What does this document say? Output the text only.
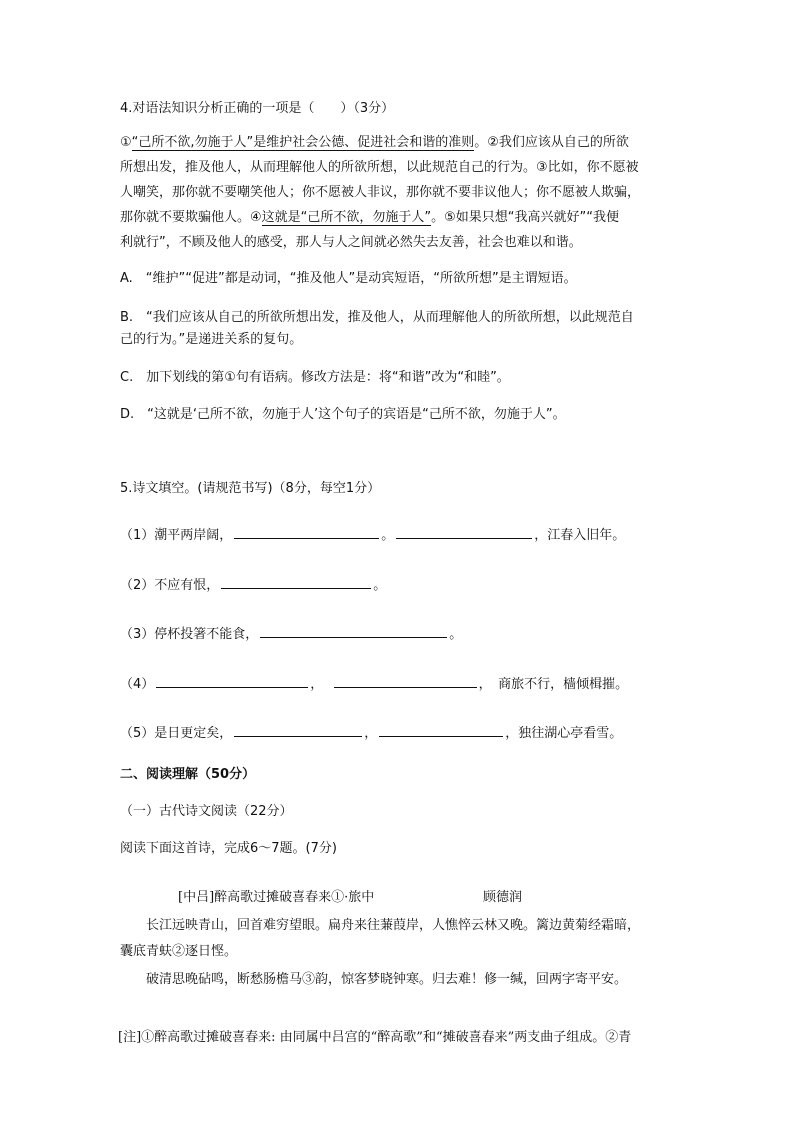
4.对语法知识分析正确的一项是（　　）（3分）
①“己所不欲,勿施于人”是维护社会公德、促进社会和谐的准则。②我们应该从自己的所欲
所想出发，推及他人，从而理解他人的所欲所想，以此规范自己的行为。③比如，你不愿被
人嘲笑，那你就不要嘲笑他人；你不愿被人非议，那你就不要非议他人；你不愿被人欺骗，
那你就不要欺骗他人。④这就是“己所不欲，勿施于人”。⑤如果只想“我高兴就好”“我便
利就行”，不顾及他人的感受，那人与人之间就必然失去友善，社会也难以和谐。
A.　“维护”“促进”都是动词，“推及他人”是动宾短语，“所欲所想”是主谓短语。
B.　“我们应该从自己的所欲所想出发，推及他人，从而理解他人的所欲所想，以此规范自
己的行为。”是递进关系的复句。
C.　加下划线的第①句有语病。修改方法是：将“和谐”改为“和睦”。
D.　“这就是‘己所不欲，勿施于人’这个句子的宾语是“己所不欲，勿施于人”。
5.诗文填空。(请规范书写)（8分，每空1分）
（1）潮平两岸阔，	。	，江春入旧年。
（2）不应有恨，	。
（3）停杯投箸不能食，	。
（4）	，	，　商旅不行，樯倾楫摧。
（5）是日更定矣，	，	，独往湖心亭看雪。
二、阅读理解（50分）
（一）古代诗文阅读（22分）
阅读下面这首诗，完成6～7题。(7分)
[中吕]醉高歌过摊破喜春来①·旅中	顾德润
长江远映青山，回首难穷望眼。扁舟来往蒹葭岸，人憔悴云林又晚。篱边黄菊经霜暗，
囊底青蚨②逐日悭。
破清思晚砧鸣，断愁肠檐马③韵，惊客梦晓钟寒。归去难！修一缄，回两字寄平安。
[注]①醉高歌过摊破喜春来: 由同属中吕宫的“醉高歌”和“摊破喜春来”两支曲子组成。②青
